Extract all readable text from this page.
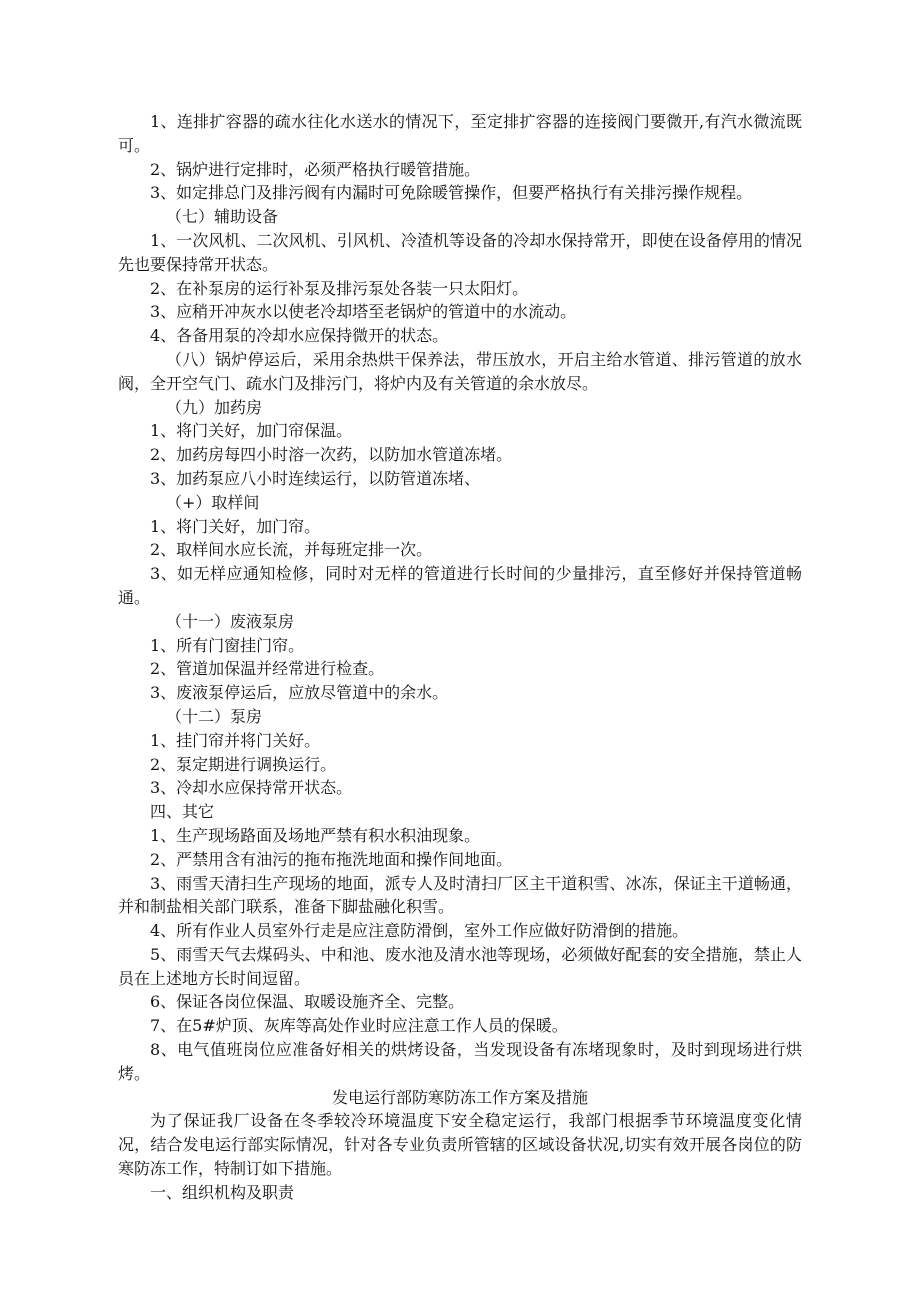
1、连排扩容器的疏水往化水送水的情况下，至定排扩容器的连接阀门要微开,有汽水微流既可。

2、锅炉进行定排时，必须严格执行暖管措施。

3、如定排总门及排污阀有内漏时可免除暖管操作，但要严格执行有关排污操作规程。

（七）辅助设备

1、一次风机、二次风机、引风机、冷渣机等设备的冷却水保持常开，即使在设备停用的情况先也要保持常开状态。

2、在补泵房的运行补泵及排污泵处各装一只太阳灯。

3、应稍开冲灰水以使老冷却塔至老锅炉的管道中的水流动。

4、各备用泵的冷却水应保持微开的状态。

（八）锅炉停运后，采用余热烘干保养法，带压放水，开启主给水管道、排污管道的放水阀，全开空气门、疏水门及排污门，将炉内及有关管道的余水放尽。

（九）加药房

1、将门关好，加门帘保温。

2、加药房每四小时溶一次药，以防加水管道冻堵。

3、加药泵应八小时连续运行，以防管道冻堵、

（+）取样间

1、将门关好，加门帘。

2、取样间水应长流，并每班定排一次。

3、如无样应通知检修，同时对无样的管道进行长时间的少量排污，直至修好并保持管道畅通。

（十一）废液泵房

1、所有门窗挂门帘。

2、管道加保温并经常进行检查。

3、废液泵停运后，应放尽管道中的余水。

（十二）泵房

1、挂门帘并将门关好。

2、泵定期进行调换运行。

3、冷却水应保持常开状态。

四、其它

1、生产现场路面及场地严禁有积水积油现象。

2、严禁用含有油污的拖布拖洗地面和操作间地面。

3、雨雪天清扫生产现场的地面，派专人及时清扫厂区主干道积雪、冰冻，保证主干道畅通，并和制盐相关部门联系，准备下脚盐融化积雪。

4、所有作业人员室外行走是应注意防滑倒，室外工作应做好防滑倒的措施。

5、雨雪天气去煤码头、中和池、废水池及清水池等现场，必须做好配套的安全措施，禁止人员在上述地方长时间逗留。

6、保证各岗位保温、取暖设施齐全、完整。

7、在5#炉顶、灰库等高处作业时应注意工作人员的保暖。

8、电气值班岗位应准备好相关的烘烤设备，当发现设备有冻堵现象时，及时到现场进行烘烤。

发电运行部防寒防冻工作方案及措施

为了保证我厂设备在冬季较冷环境温度下安全稳定运行，我部门根据季节环境温度变化情况，结合发电运行部实际情况，针对各专业负责所管辖的区域设备状况,切实有效开展各岗位的防寒防冻工作，特制订如下措施。

一、组织机构及职责
